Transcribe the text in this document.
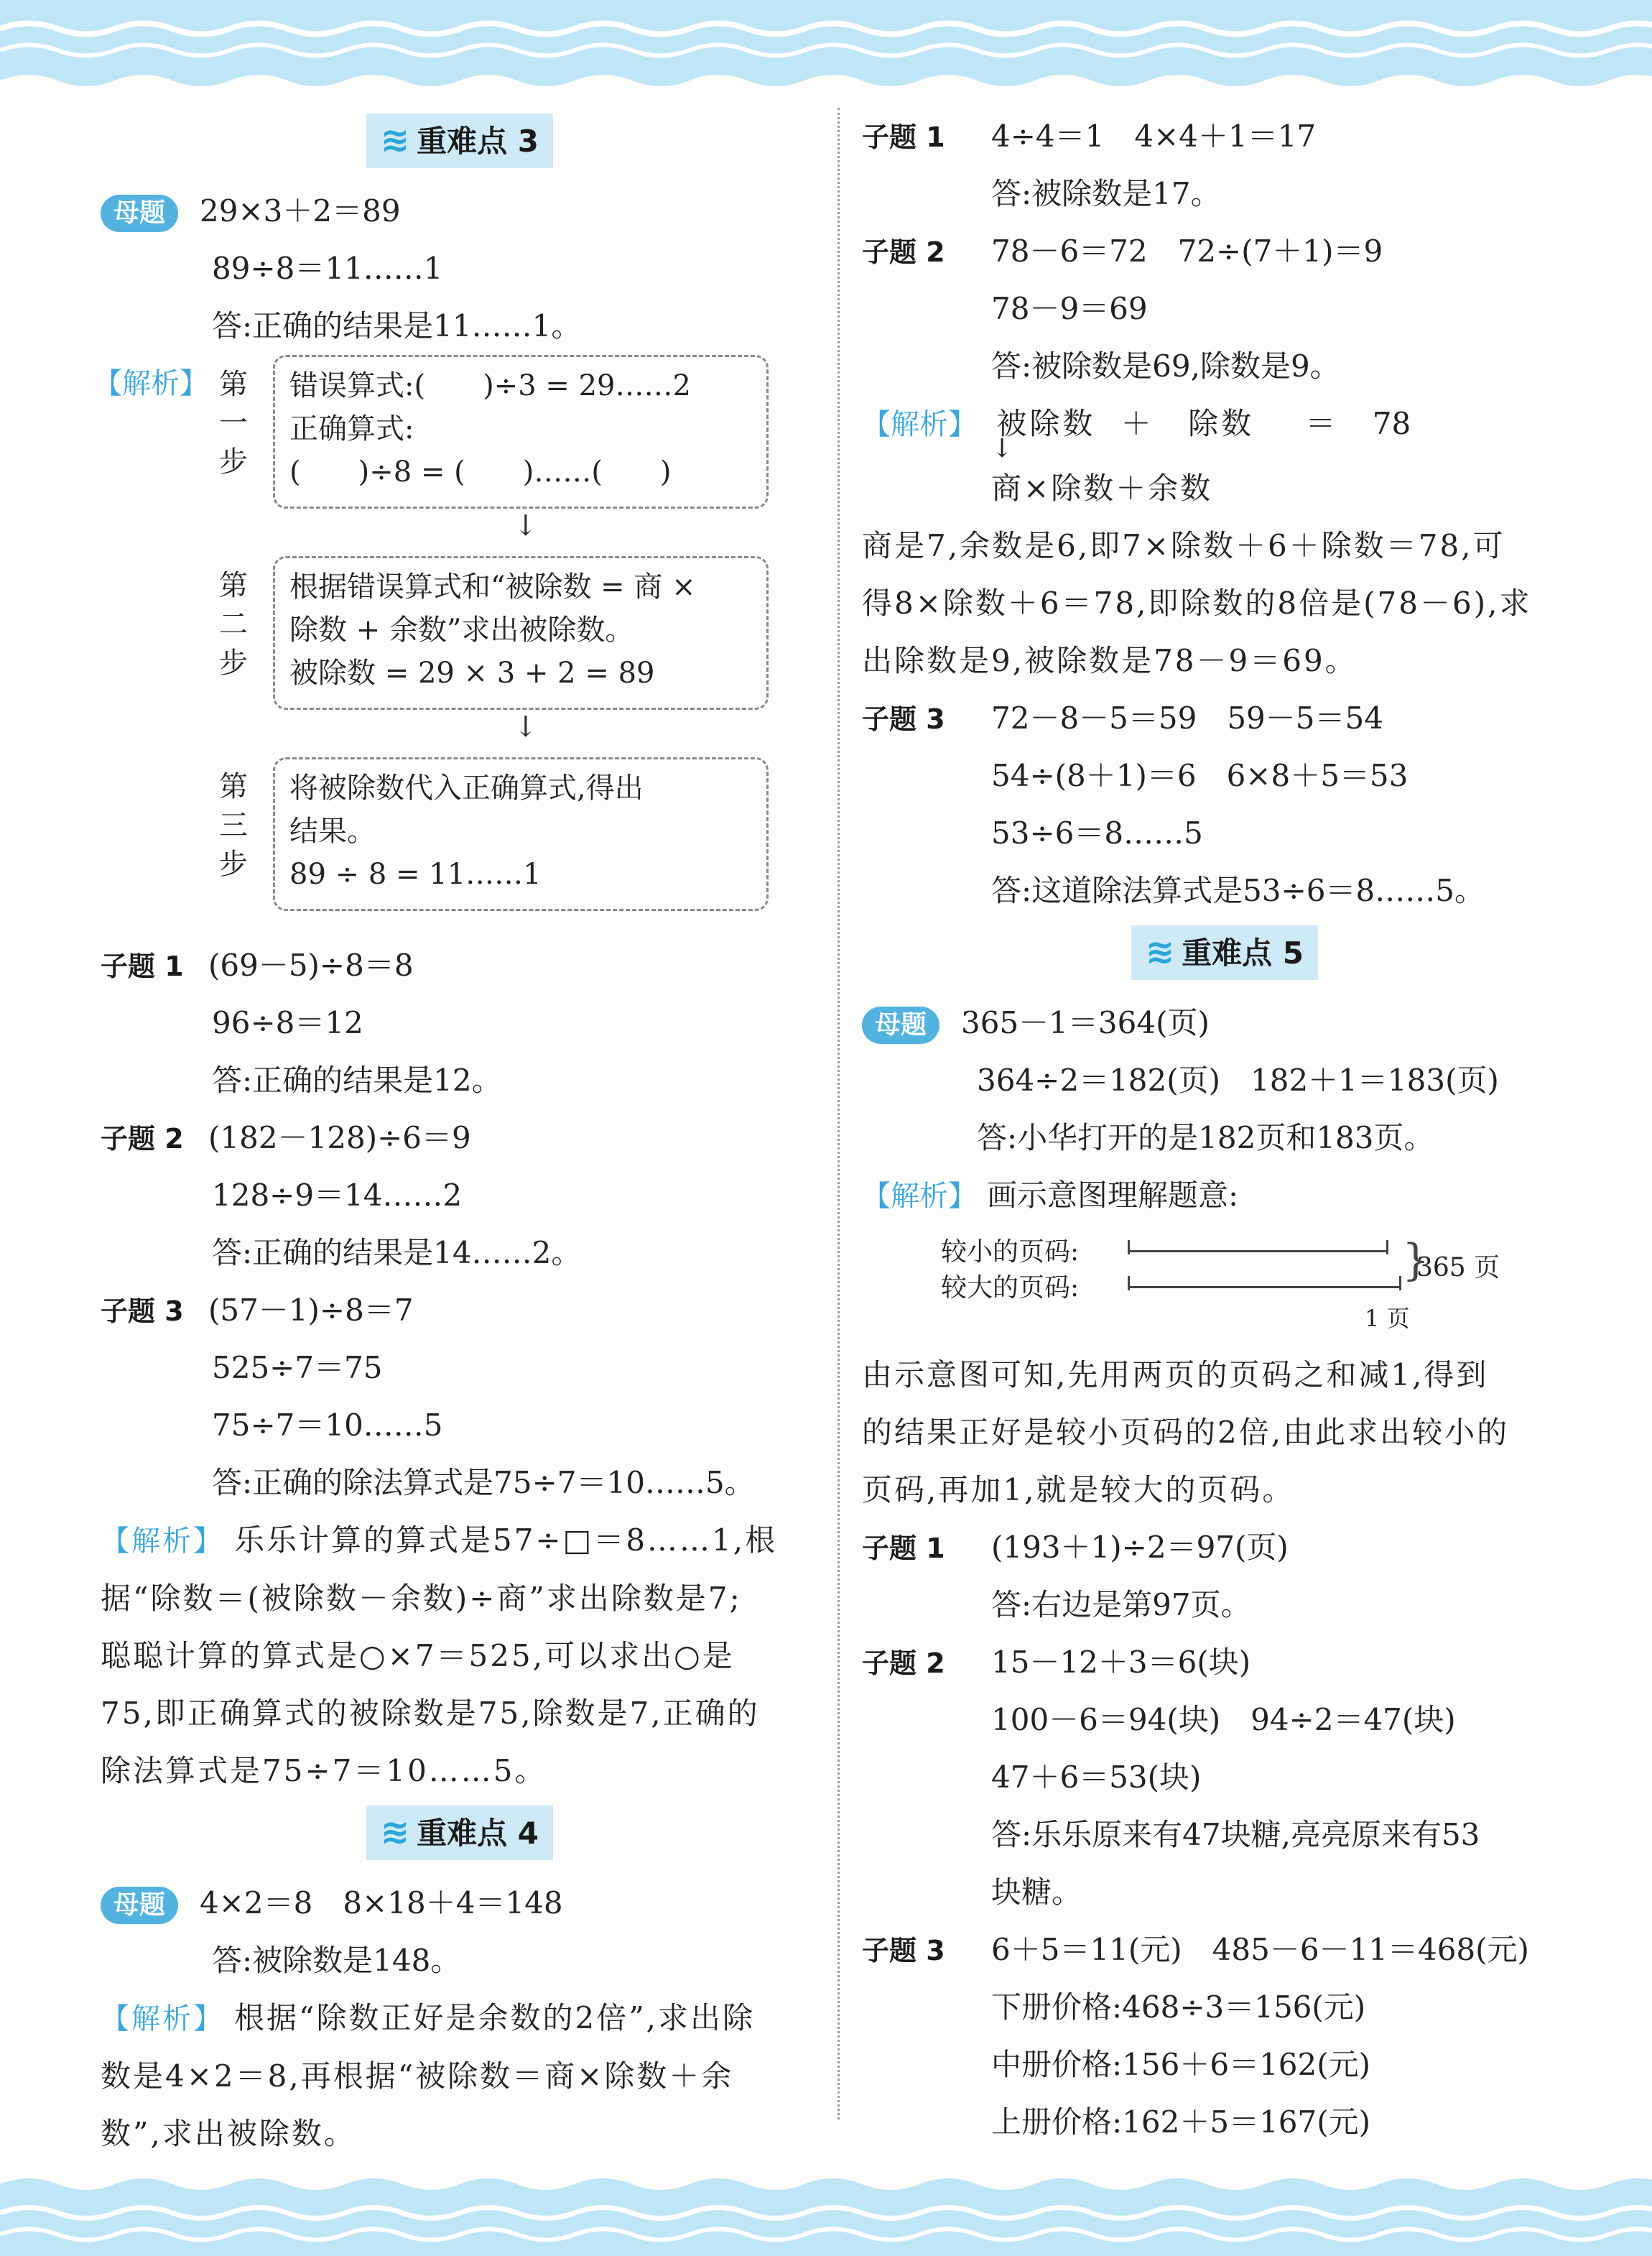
≋ 重难点 3
母题 29×3＋2＝89
89÷8＝11……1
答:正确的结果是11……1。
【解析】 第
一
步
错误算式:(　　)÷3 = 29……2
正确算式:
(　　)÷8 = (　　)……(　　)
↓
第
二
步
根据错误算式和“被除数 = 商 ×
除数 + 余数”求出被除数。
被除数 = 29 × 3 + 2 = 89
↓
第
三
步
将被除数代入正确算式,得出
结果。
89 ÷ 8 = 11……1
子题 1 (69－5)÷8＝8
96÷8＝12
答:正确的结果是12。
子题 2 (182－128)÷6＝9
128÷9＝14……2
答:正确的结果是14……2。
子题 3 (57－1)÷8＝7
525÷7＝75
75÷7＝10……5
答:正确的除法算式是75÷7＝10……5。
【解析】 乐乐计算的算式是57÷□＝8……1,根
据“除数＝(被除数－余数)÷商”求出除数是7;
聪聪计算的算式是○×7＝525,可以求出○是
75,即正确算式的被除数是75,除数是7,正确的
除法算式是75÷7＝10……5。
≋ 重难点 4
母题 4×2＝8　8×18＋4＝148
答:被除数是148。
【解析】 根据“除数正好是余数的2倍”,求出除
数是4×2＝8,再根据“被除数＝商×除数＋余
数”,求出被除数。
子题 1 4÷4＝1　4×4＋1＝17
答:被除数是17。
子题 2 78－6＝72　72÷(7＋1)＝9
78－9＝69
答:被除数是69,除数是9。
【解析】 被除数 ＋ 除数 ＝ 78
↓
商×除数＋余数
商是7,余数是6,即7×除数＋6＋除数＝78,可
得8×除数＋6＝78,即除数的8倍是(78－6),求
出除数是9,被除数是78－9＝69。
子题 3 72－8－5＝59　59－5＝54
54÷(8＋1)＝6　6×8＋5＝53
53÷6＝8……5
答:这道除法算式是53÷6＝8……5。
≋ 重难点 5
母题 365－1＝364(页)
364÷2＝182(页)　182＋1＝183(页)
答:小华打开的是182页和183页。
【解析】 画示意图理解题意:
较小的页码:
较大的页码:
}
365 页
1 页
由示意图可知,先用两页的页码之和减1,得到
的结果正好是较小页码的2倍,由此求出较小的
页码,再加1,就是较大的页码。
子题 1 (193＋1)÷2＝97(页)
答:右边是第97页。
子题 2 15－12＋3＝6(块)
100－6＝94(块)　94÷2＝47(块)
47＋6＝53(块)
答:乐乐原来有47块糖,亮亮原来有53
块糖。
子题 3 6＋5＝11(元)　485－6－11＝468(元)
下册价格:468÷3＝156(元)
中册价格:156＋6＝162(元)
上册价格:162＋5＝167(元)
